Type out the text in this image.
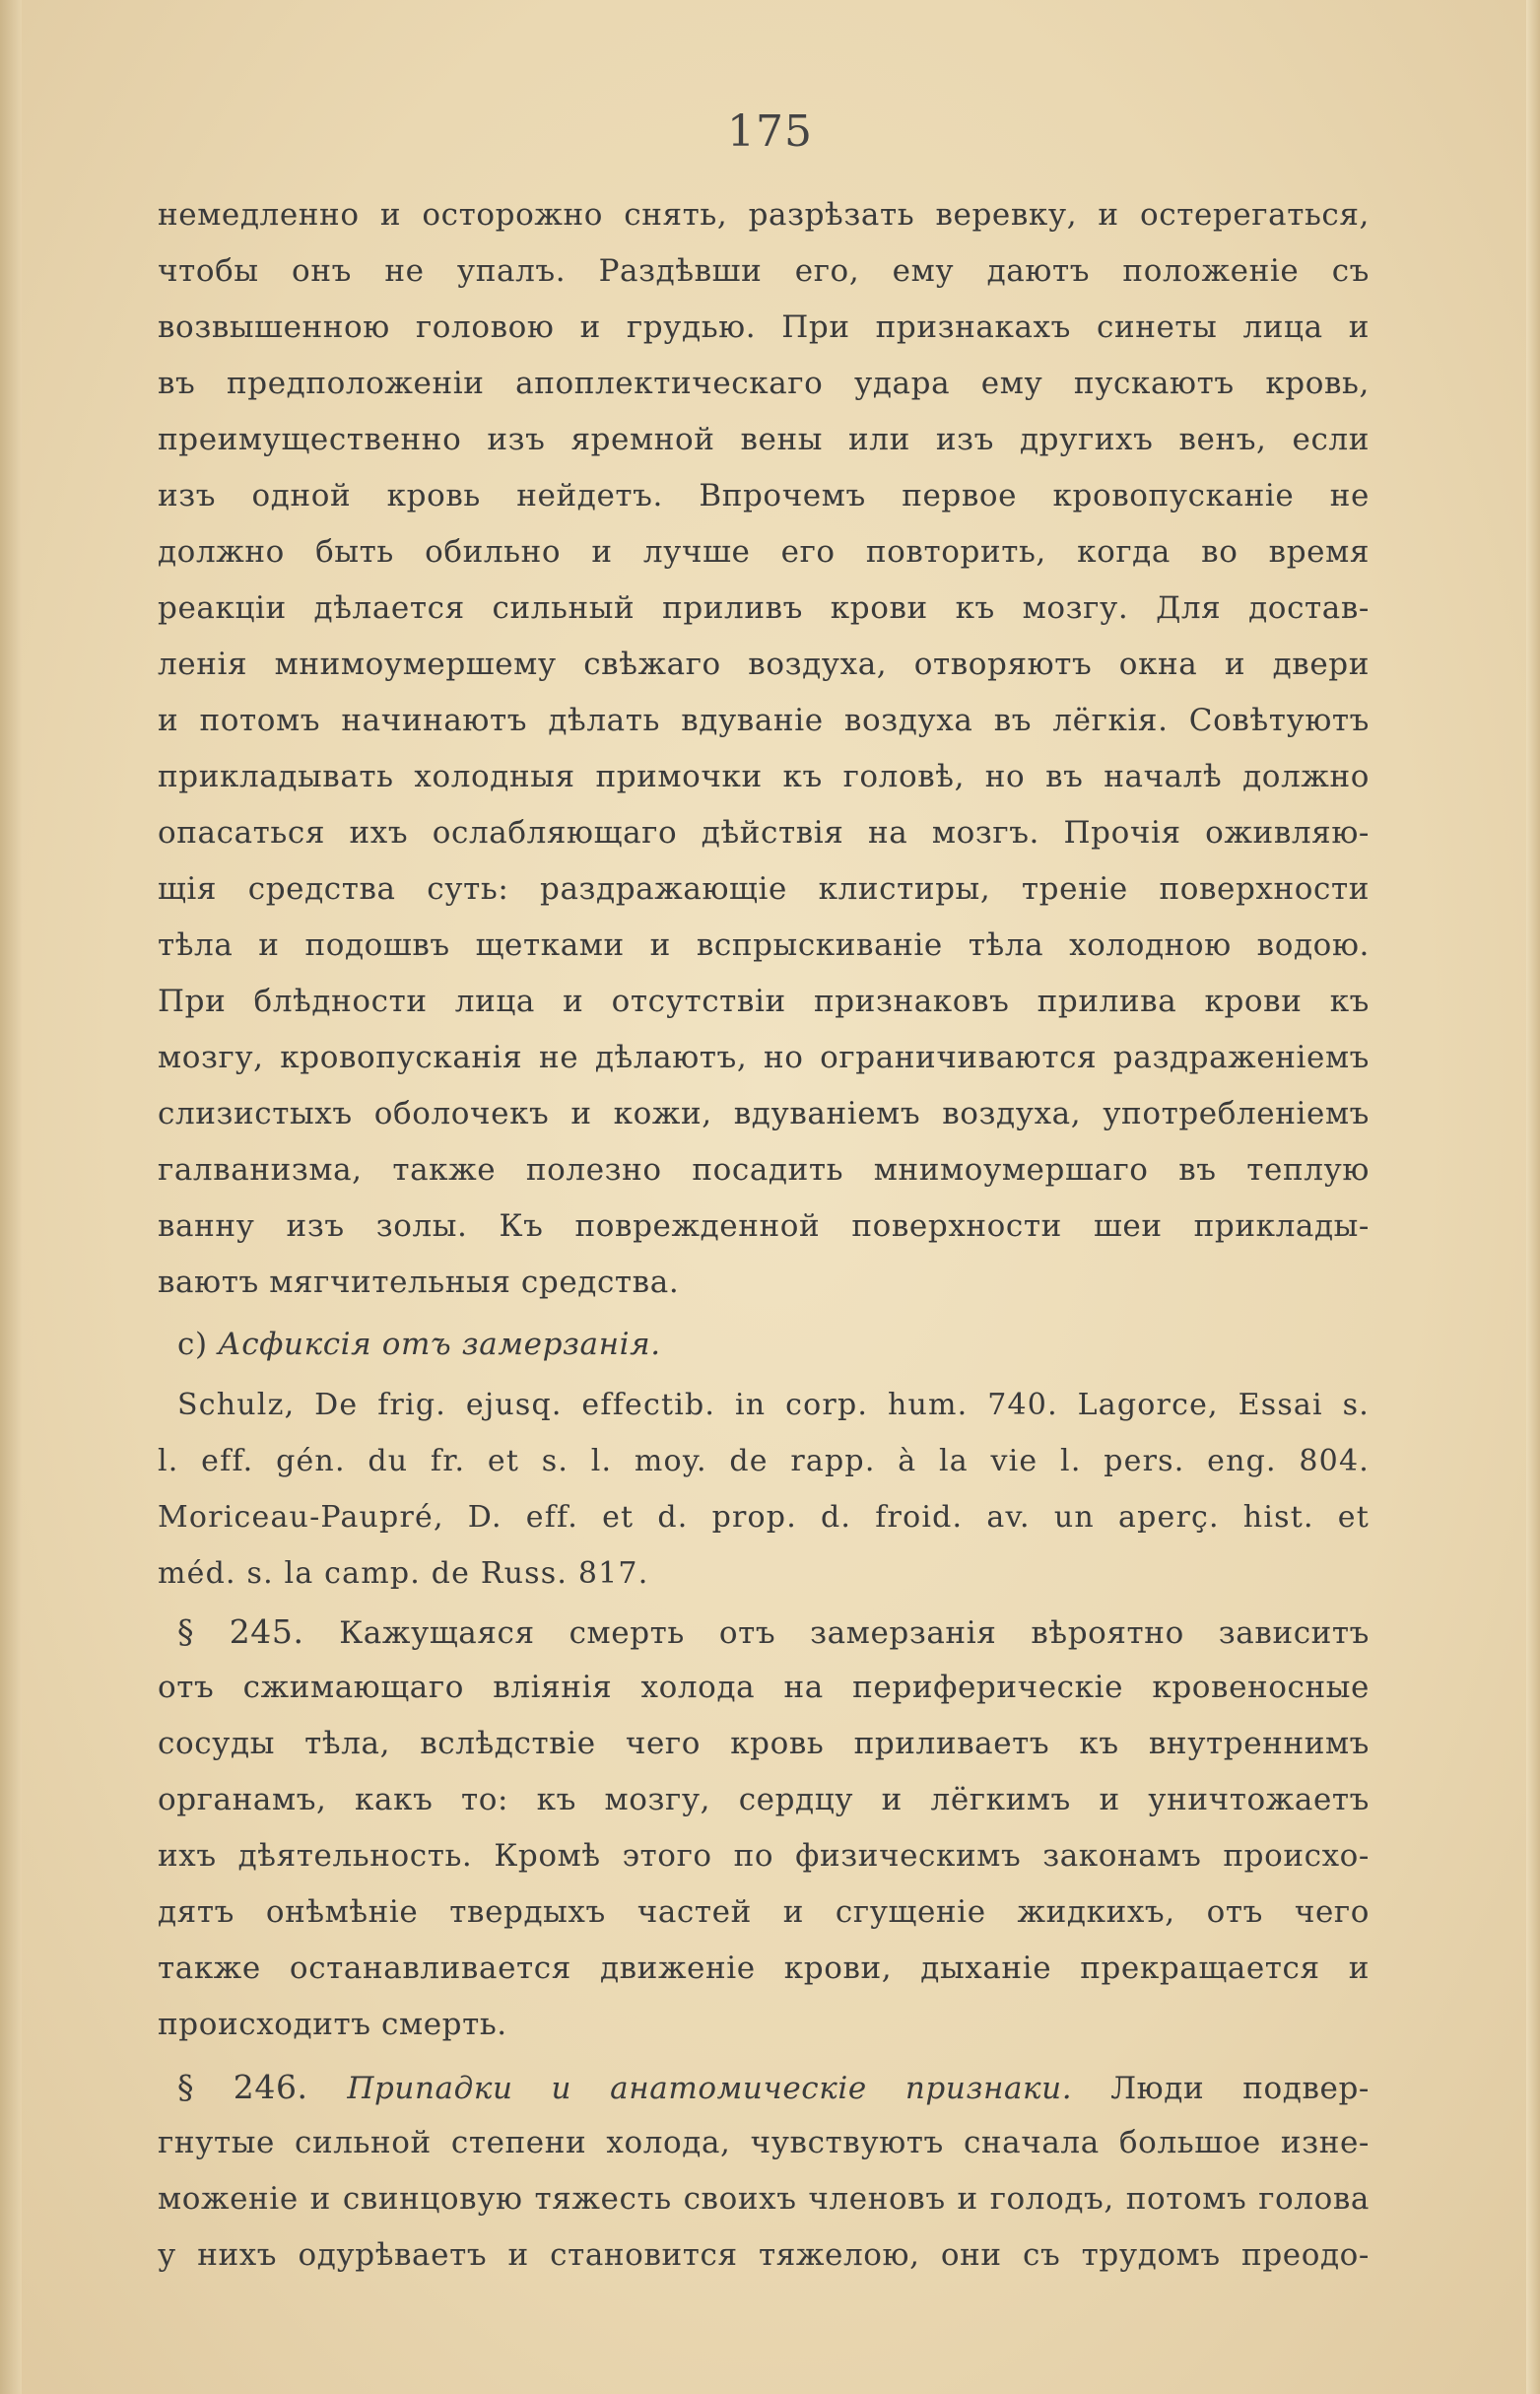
175
немедленно и осторожно снять, разрѣзать веревку, и остерегаться,
чтобы онъ не упалъ. Раздѣвши его, ему даютъ положеніе съ
возвышенною головою и грудью. При признакахъ синеты лица и
въ предположеніи апоплектическаго удара ему пускаютъ кровь,
преимущественно изъ яремной вены или изъ другихъ венъ, если
изъ одной кровь нейдетъ. Впрочемъ первое кровопусканіе не
должно быть обильно и лучше его повторить, когда во время
реакціи дѣлается сильный приливъ крови къ мозгу. Для достав-
ленія мнимоумершему свѣжаго воздуха, отворяютъ окна и двери
и потомъ начинаютъ дѣлать вдуваніе воздуха въ лёгкія. Совѣтуютъ
прикладывать холодныя примочки къ головѣ, но въ началѣ должно
опасаться ихъ ослабляющаго дѣйствія на мозгъ. Прочія оживляю-
щія средства суть: раздражающіе клистиры, треніе поверхности
тѣла и подошвъ щетками и вспрыскиваніе тѣла холодною водою.
При блѣдности лица и отсутствіи признаковъ прилива крови къ
мозгу, кровопусканія не дѣлаютъ, но ограничиваются раздраженіемъ
слизистыхъ оболочекъ и кожи, вдуваніемъ воздуха, употребленіемъ
галванизма, также полезно посадить мнимоумершаго въ теплую
ванну изъ золы. Къ поврежденной поверхности шеи приклады-
ваютъ мягчительныя средства.
c) Асфиксія отъ замерзанія.
Schulz, De frig. ejusq. effectib. in corp. hum. 740. Lagorce, Essai s.
l. eff. gén. du fr. et s. l. moy. de rapp. à la vie l. pers. eng. 804.
Moriceau-Paupré, D. eff. et d. prop. d. froid. av. un aperç. hist. et
méd. s. la camp. de Russ. 817.
§ 245. Кажущаяся смерть отъ замерзанія вѣроятно зависитъ
отъ сжимающаго вліянія холода на периферическіе кровеносные
сосуды тѣла, вслѣдствіе чего кровь приливаетъ къ внутреннимъ
органамъ, какъ то: къ мозгу, сердцу и лёгкимъ и уничтожаетъ
ихъ дѣятельность. Кромѣ этого по физическимъ законамъ происхо-
дятъ онѣмѣніе твердыхъ частей и сгущеніе жидкихъ, отъ чего
также останавливается движеніе крови, дыханіе прекращается и
происходитъ смерть.
§ 246. Припадки и анатомическіе признаки. Люди подвер-
гнутые сильной степени холода, чувствуютъ сначала большое изне-
моженіе и свинцовую тяжесть своихъ членовъ и голодъ, потомъ голова
у нихъ одурѣваетъ и становится тяжелою, они съ трудомъ преодо-
